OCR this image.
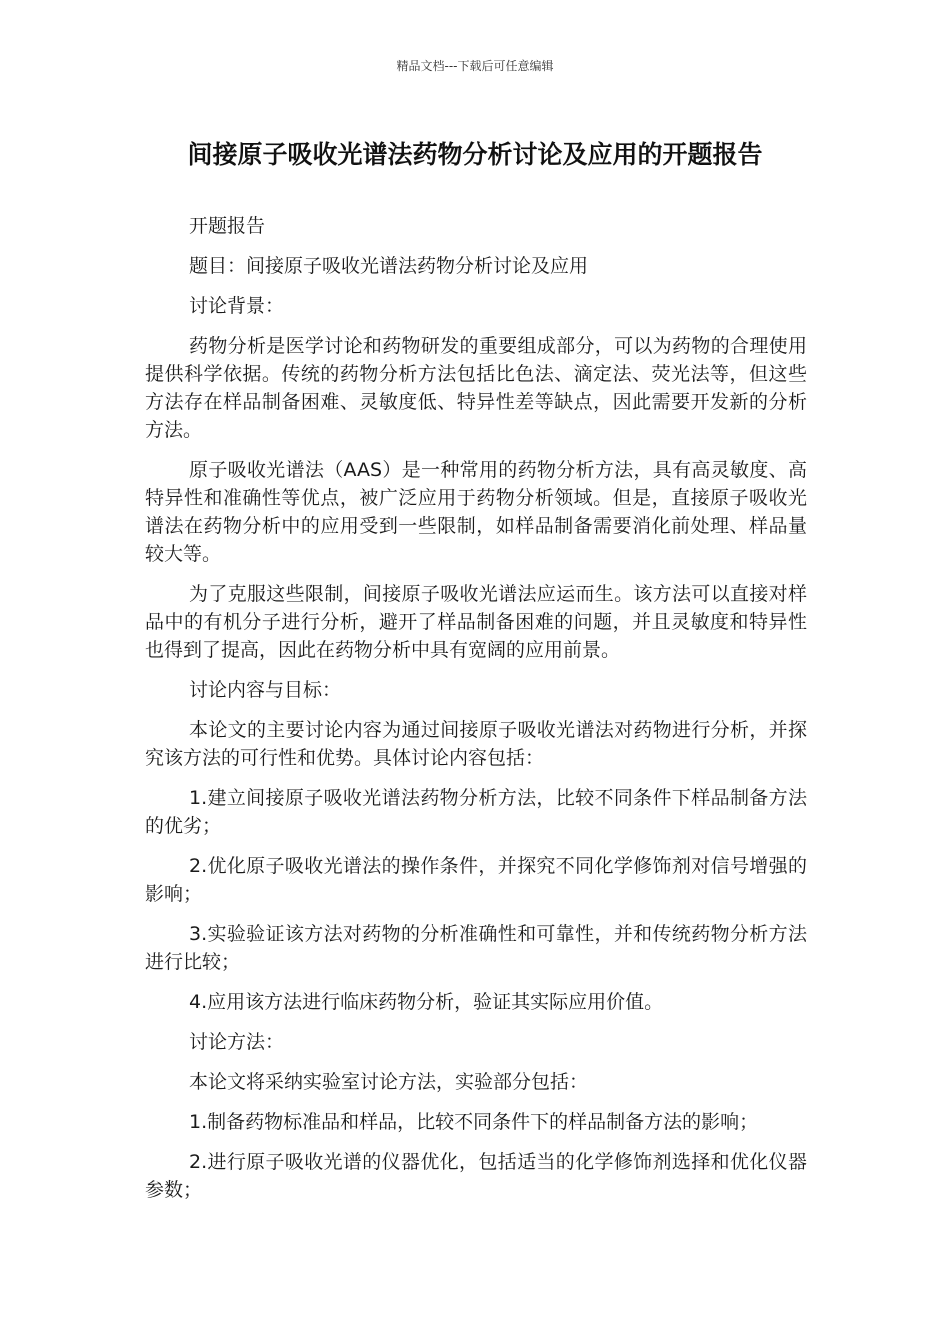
精品文档---下载后可任意编辑
间接原子吸收光谱法药物分析讨论及应用的开题报告

开题报告

题目：间接原子吸收光谱法药物分析讨论及应用

讨论背景：

药物分析是医学讨论和药物研发的重要组成部分，可以为药物的合理使用提供科学依据。传统的药物分析方法包括比色法、滴定法、荧光法等，但这些方法存在样品制备困难、灵敏度低、特异性差等缺点，因此需要开发新的分析方法。

原子吸收光谱法（AAS）是一种常用的药物分析方法，具有高灵敏度、高特异性和准确性等优点，被广泛应用于药物分析领域。但是，直接原子吸收光谱法在药物分析中的应用受到一些限制，如样品制备需要消化前处理、样品量较大等。

为了克服这些限制，间接原子吸收光谱法应运而生。该方法可以直接对样品中的有机分子进行分析，避开了样品制备困难的问题，并且灵敏度和特异性也得到了提高，因此在药物分析中具有宽阔的应用前景。

讨论内容与目标：

本论文的主要讨论内容为通过间接原子吸收光谱法对药物进行分析，并探究该方法的可行性和优势。具体讨论内容包括：

1.建立间接原子吸收光谱法药物分析方法，比较不同条件下样品制备方法的优劣；

2.优化原子吸收光谱法的操作条件，并探究不同化学修饰剂对信号增强的影响；

3.实验验证该方法对药物的分析准确性和可靠性，并和传统药物分析方法进行比较；

4.应用该方法进行临床药物分析，验证其实际应用价值。

讨论方法：

本论文将采纳实验室讨论方法，实验部分包括：

1.制备药物标准品和样品，比较不同条件下的样品制备方法的影响；

2.进行原子吸收光谱的仪器优化，包括适当的化学修饰剂选择和优化仪器参数；
